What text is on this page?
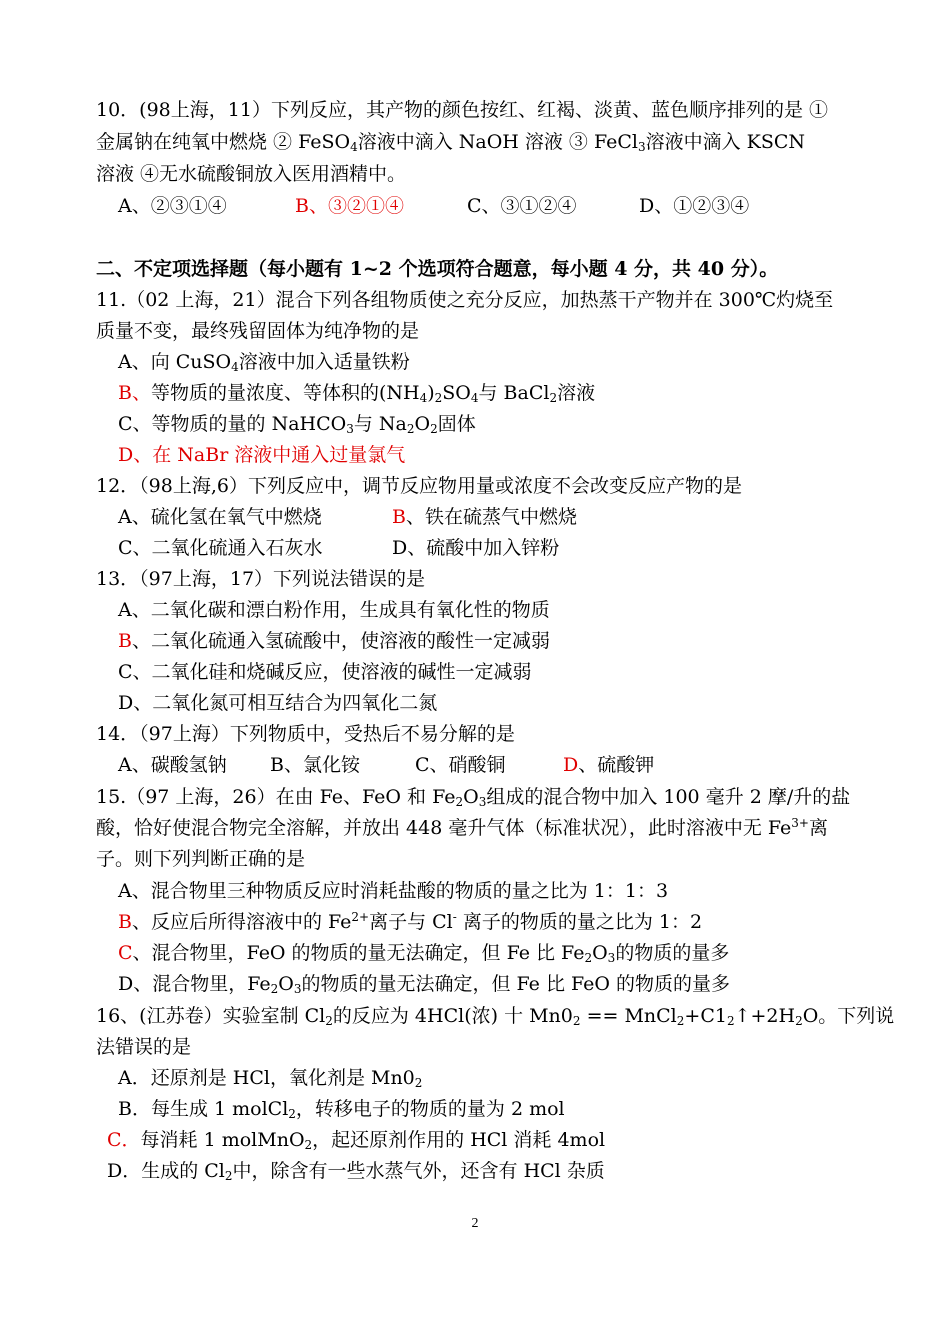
10．(98上海，11）下列反应，其产物的颜色按红、红褐、淡黄、蓝色顺序排列的是 ①
金属钠在纯氧中燃烧 ② FeSO$_4$溶液中滴入 NaOH 溶液 ③ FeCl$_3$溶液中滴入 KSCN
溶液 ④无水硫酸铜放入医用酒精中。
A、②③①④	B、③②①④	C、③①②④	D、①②③④
二、不定项选择题（每小题有 1~2 个选项符合题意，每小题 4 分，共 40 分）。
11.（02 上海，21）混合下列各组物质使之充分反应，加热蒸干产物并在 300℃灼烧至
质量不变，最终残留固体为纯净物的是
A、向 CuSO$_4$溶液中加入适量铁粉
B、等物质的量浓度、等体积的$(NH_4)_2SO_4$与 BaCl$_2$溶液
C、等物质的量的 NaHCO$_3$与 $Na_2O_2$固体
D、在 NaBr 溶液中通入过量氯气
12．（98上海,6）下列反应中，调节反应物用量或浓度不会改变反应产物的是
A、硫化氢在氧气中燃烧	B、铁在硫蒸气中燃烧
C、二氧化硫通入石灰水	D、硫酸中加入锌粉
13．（97上海，17）下列说法错误的是
A、二氧化碳和漂白粉作用，生成具有氧化性的物质
B、二氧化硫通入氢硫酸中，使溶液的酸性一定减弱
C、二氧化硅和烧碱反应，使溶液的碱性一定减弱
D、二氧化氮可相互结合为四氧化二氮
14．（97上海）下列物质中，受热后不易分解的是
A、碳酸氢钠 B、氯化铵	C、硝酸铜	D、硫酸钾
15.（97 上海，26）在由 Fe、FeO 和 $Fe_2O_3$组成的混合物中加入 100 毫升 2 摩/升的盐
酸，恰好使混合物完全溶解，并放出 448 毫升气体（标准状况），此时溶液中无 $Fe^{3+}$离
子。则下列判断正确的是
A、混合物里三种物质反应时消耗盐酸的物质的量之比为 1：1：3
B、反应后所得溶液中的 $Fe^{2+}$离子与 Cl- 离子的物质的量之比为 1：2
C、混合物里，FeO 的物质的量无法确定，但 Fe 比 $Fe_2O_3$的物质的量多
D、混合物里，$Fe_2O_3$的物质的量无法确定，但 Fe 比 FeO 的物质的量多
16、(江苏卷）实验室制 $Cl_2$的反应为 4HCl(浓) 十 $Mn0_2$ == $MnCl_2+C1_2↑+2H_2O$。下列说
法错误的是
A．还原剂是 HCl，氧化剂是 $Mn0_2$
B．每生成 1 molCl$_2$，转移电子的物质的量为 2 mol
C．每消耗 1 molMnO$_2$，起还原剂作用的 HCl 消耗 4mol
D．生成的 $Cl_2$中，除含有一些水蒸气外，还含有 HCl 杂质
2
